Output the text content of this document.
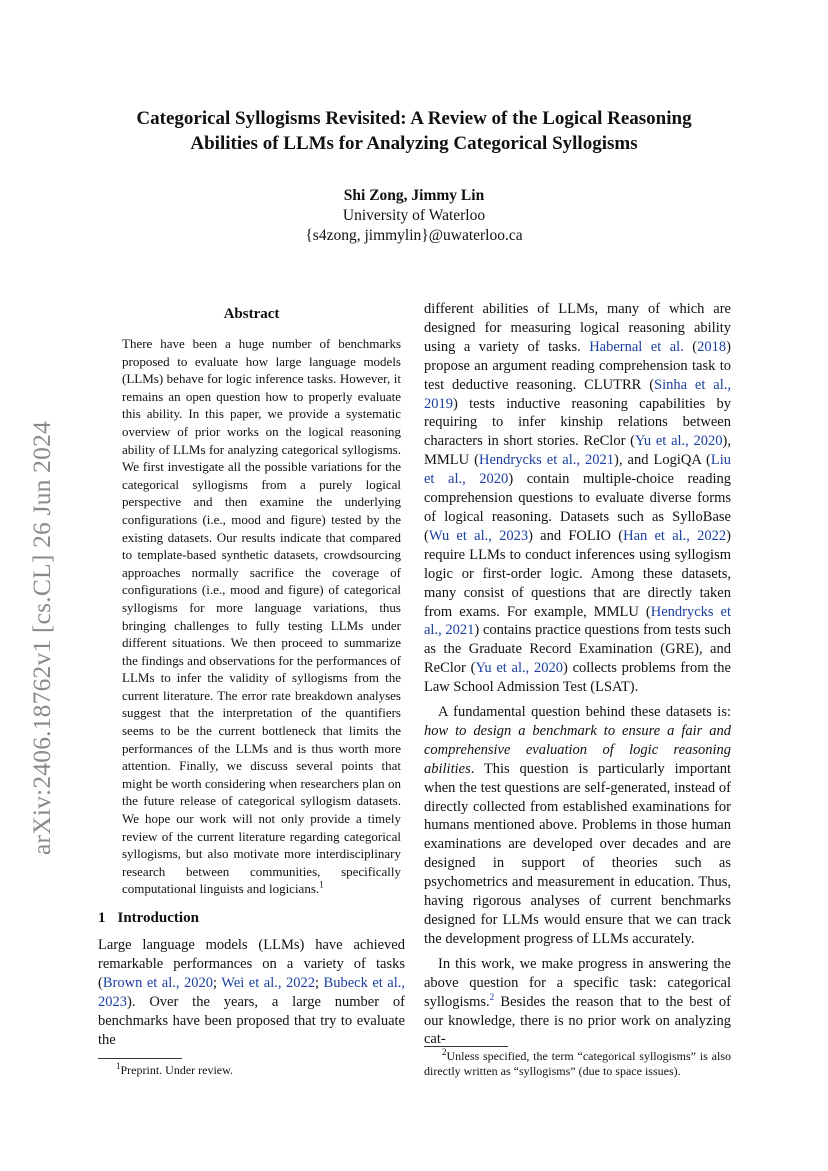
arXiv:2406.18762v1 [cs.CL] 26 Jun 2024
Categorical Syllogisms Revisited: A Review of the Logical Reasoning
Abilities of LLMs for Analyzing Categorical Syllogisms
Shi Zong, Jimmy Lin
University of Waterloo
{s4zong, jimmylin}@uwaterloo.ca
Abstract

There have been a huge number of benchmarks proposed to evaluate how large language models (LLMs) behave for logic inference tasks. However, it remains an open question how to properly evaluate this ability. In this paper, we provide a systematic overview of prior works on the logical reasoning ability of LLMs for analyzing categorical syllogisms. We first investigate all the possible variations for the categorical syllogisms from a purely logical perspective and then examine the underlying configurations (i.e., mood and figure) tested by the existing datasets. Our results indicate that compared to template-based synthetic datasets, crowdsourcing approaches normally sacrifice the coverage of configurations (i.e., mood and figure) of categorical syllogisms for more language variations, thus bringing challenges to fully testing LLMs under different situations. We then proceed to summarize the findings and observations for the performances of LLMs to infer the validity of syllogisms from the current literature. The error rate breakdown analyses suggest that the interpretation of the quantifiers seems to be the current bottleneck that limits the performances of the LLMs and is thus worth more attention. Finally, we discuss several points that might be worth considering when researchers plan on the future release of categorical syllogism datasets. We hope our work will not only provide a timely review of the current literature regarding categorical syllogisms, but also motivate more interdisciplinary research between communities, specifically computational linguists and logicians.$^1$

1 Introduction

Large language models (LLMs) have achieved remarkable performances on a variety of tasks (Brown et al., 2020; Wei et al., 2022; Bubeck et al., 2023). Over the years, a large number of benchmarks have been proposed that try to evaluate the

different abilities of LLMs, many of which are designed for measuring logical reasoning ability using a variety of tasks. Habernal et al. (2018) propose an argument reading comprehension task to test deductive reasoning. CLUTRR (Sinha et al., 2019) tests inductive reasoning capabilities by requiring to infer kinship relations between characters in short stories. ReClor (Yu et al., 2020), MMLU (Hendrycks et al., 2021), and LogiQA (Liu et al., 2020) contain multiple-choice reading comprehension questions to evaluate diverse forms of logical reasoning. Datasets such as SylloBase (Wu et al., 2023) and FOLIO (Han et al., 2022) require LLMs to conduct inferences using syllogism logic or first-order logic. Among these datasets, many consist of questions that are directly taken from exams. For example, MMLU (Hendrycks et al., 2021) contains practice questions from tests such as the Graduate Record Examination (GRE), and ReClor (Yu et al., 2020) collects problems from the Law School Admission Test (LSAT).

A fundamental question behind these datasets is: how to design a benchmark to ensure a fair and comprehensive evaluation of logic reasoning abilities. This question is particularly important when the test questions are self-generated, instead of directly collected from established examinations for humans mentioned above. Problems in those human examinations are developed over decades and are designed in support of theories such as psychometrics and measurement in education. Thus, having rigorous analyses of current benchmarks designed for LLMs would ensure that we can track the development progress of LLMs accurately.

In this work, we make progress in answering the above question for a specific task: categorical syllogisms.$^2$ Besides the reason that to the best of our knowledge, there is no prior work on analyzing cat-

$^1$Preprint. Under review.
$^2$Unless specified, the term “categorical syllogisms” is also directly written as “syllogisms” (due to space issues).
